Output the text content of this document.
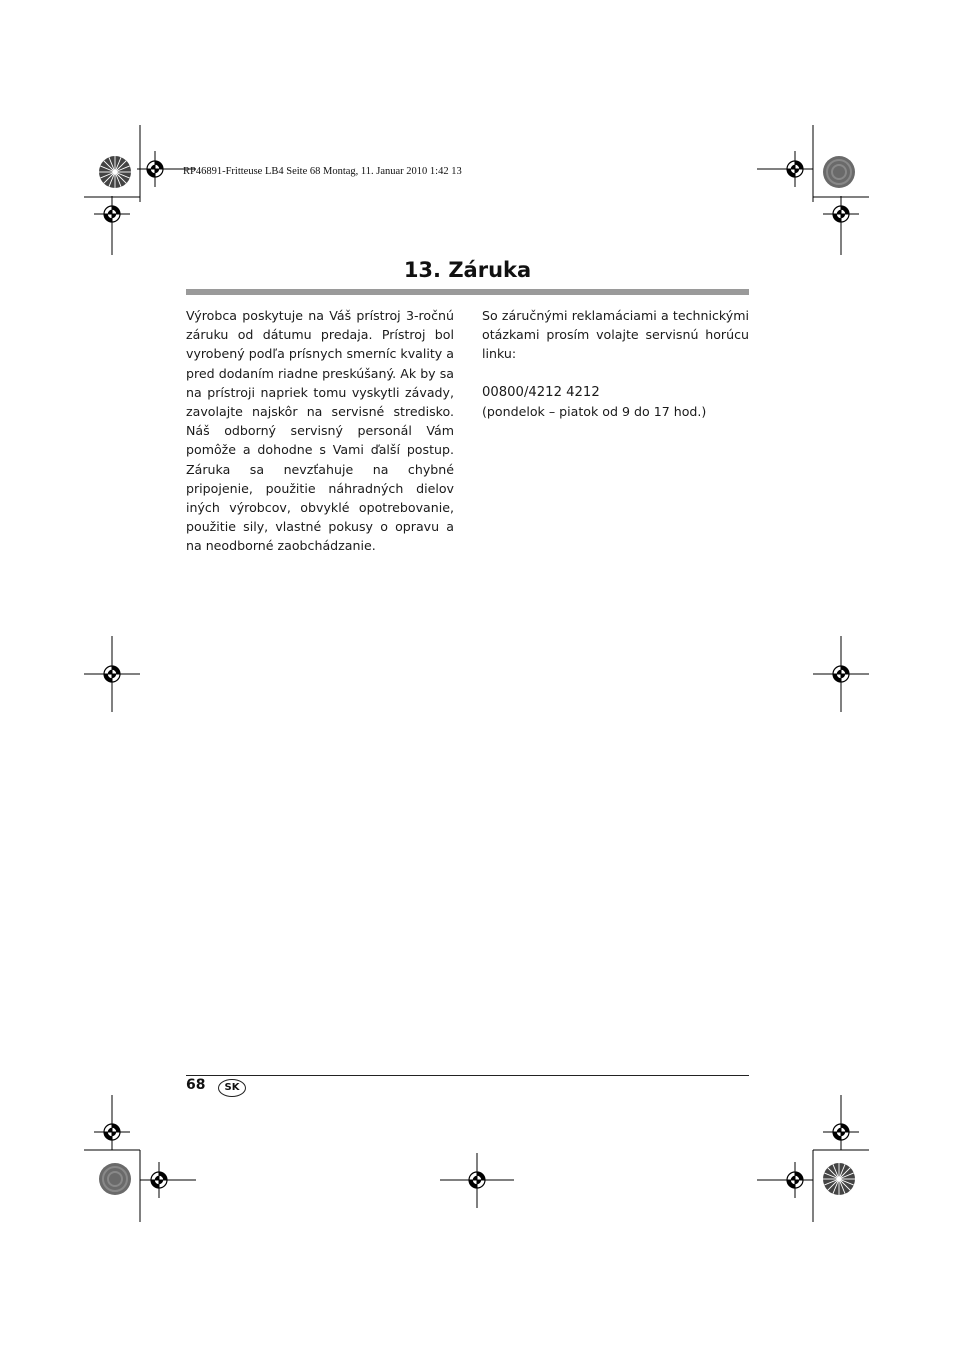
RP46891-Fritteuse LB4 Seite 68 Montag, 11. Januar 2010 1:42 13
13. Záruka

Výrobca poskytuje na Váš prístroj 3-ročnú záruku od dátumu predaja. Prístroj bol vyrobený podľa prísnych smerníc kvality a pred dodaním riadne preskúšaný. Ak by sa na prístroji napriek tomu vyskytli závady, zavolajte najskôr na servisné stredisko. Náš odborný servisný personál Vám pomôže a dohodne s Vami ďalší postup. Záruka sa nevzťahuje na chybné pripojenie, použitie náhradných dielov iných výrobcov, obvyklé opotrebovanie, použitie sily, vlastné pokusy o opravu a na neodborné zaobchádzanie.

So záručnými reklamáciami a technickými otázkami prosím volajte servisnú horúcu linku:

00800/4212 4212

(pondelok – piatok od 9 do 17 hod.)

68	SK
